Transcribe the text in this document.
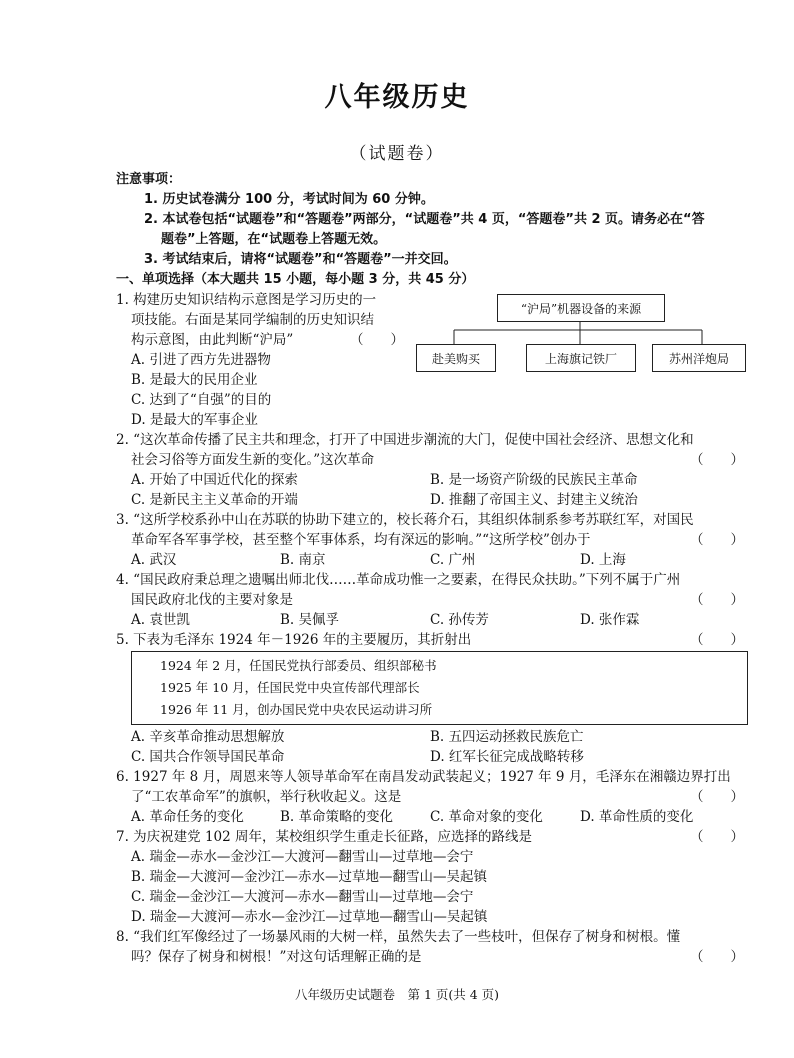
八年级历史
（试题卷）
注意事项：
1. 历史试卷满分 100 分，考试时间为 60 分钟。
2. 本试卷包括“试题卷”和“答题卷”两部分，“试题卷”共 4 页，“答题卷”共 2 页。请务必在“答
题卷”上答题，在“试题卷上答题无效。
3. 考试结束后，请将“试题卷”和“答题卷”一并交回。
一、单项选择（本大题共 15 小题，每小题 3 分，共 45 分）
1. 构建历史知识结构示意图是学习历史的一
项技能。右面是某同学编制的历史知识结
构示意图，由此判断“沪局”	（　　）
A. 引进了西方先进器物
B. 是最大的民用企业
C. 达到了“自强”的目的
D. 是最大的军事企业
“沪局”机器设备的来源
赴美购买	上海旗记铁厂	苏州洋炮局
2. “这次革命传播了民主共和理念，打开了中国进步潮流的大门，促使中国社会经济、思想文化和
社会习俗等方面发生新的变化。”这次革命	（　　）
A. 开始了中国近代化的探索	B. 是一场资产阶级的民族民主革命
C. 是新民主主义革命的开端	D. 推翻了帝国主义、封建主义统治
3. “这所学校系孙中山在苏联的协助下建立的，校长蒋介石，其组织体制系参考苏联红军，对国民
革命军各军事学校，甚至整个军事体系，均有深远的影响。”“这所学校”创办于	（　　）
A. 武汉	B. 南京	C. 广州	D. 上海
4. “国民政府秉总理之遗嘱出师北伐……革命成功惟一之要素，在得民众扶助。”下列不属于广州
国民政府北伐的主要对象是	（　　）
A. 袁世凯	B. 吴佩孚	C. 孙传芳	D. 张作霖
5. 下表为毛泽东 1924 年－1926 年的主要履历，其折射出	（　　）
1924 年 2 月，任国民党执行部委员、组织部秘书
1925 年 10 月，任国民党中央宣传部代理部长
1926 年 11 月，创办国民党中央农民运动讲习所
A. 辛亥革命推动思想解放	B. 五四运动拯救民族危亡
C. 国共合作领导国民革命	D. 红军长征完成战略转移
6. 1927 年 8 月，周恩来等人领导革命军在南昌发动武装起义；1927 年 9 月，毛泽东在湘赣边界打出
了“工农革命军”的旗帜，举行秋收起义。这是	（　　）
A. 革命任务的变化	B. 革命策略的变化	C. 革命对象的变化	D. 革命性质的变化
7. 为庆祝建党 102 周年，某校组织学生重走长征路，应选择的路线是	（　　）
A. 瑞金—赤水—金沙江—大渡河—翻雪山—过草地—会宁
B. 瑞金—大渡河—金沙江—赤水—过草地—翻雪山—吴起镇
C. 瑞金—金沙江—大渡河—赤水—翻雪山—过草地—会宁
D. 瑞金—大渡河—赤水—金沙江—过草地—翻雪山—吴起镇
8. “我们红军像经过了一场暴风雨的大树一样，虽然失去了一些枝叶，但保存了树身和树根。懂
吗？保存了树身和树根！”对这句话理解正确的是	（　　）
八年级历史试题卷　第 1 页(共 4 页)
